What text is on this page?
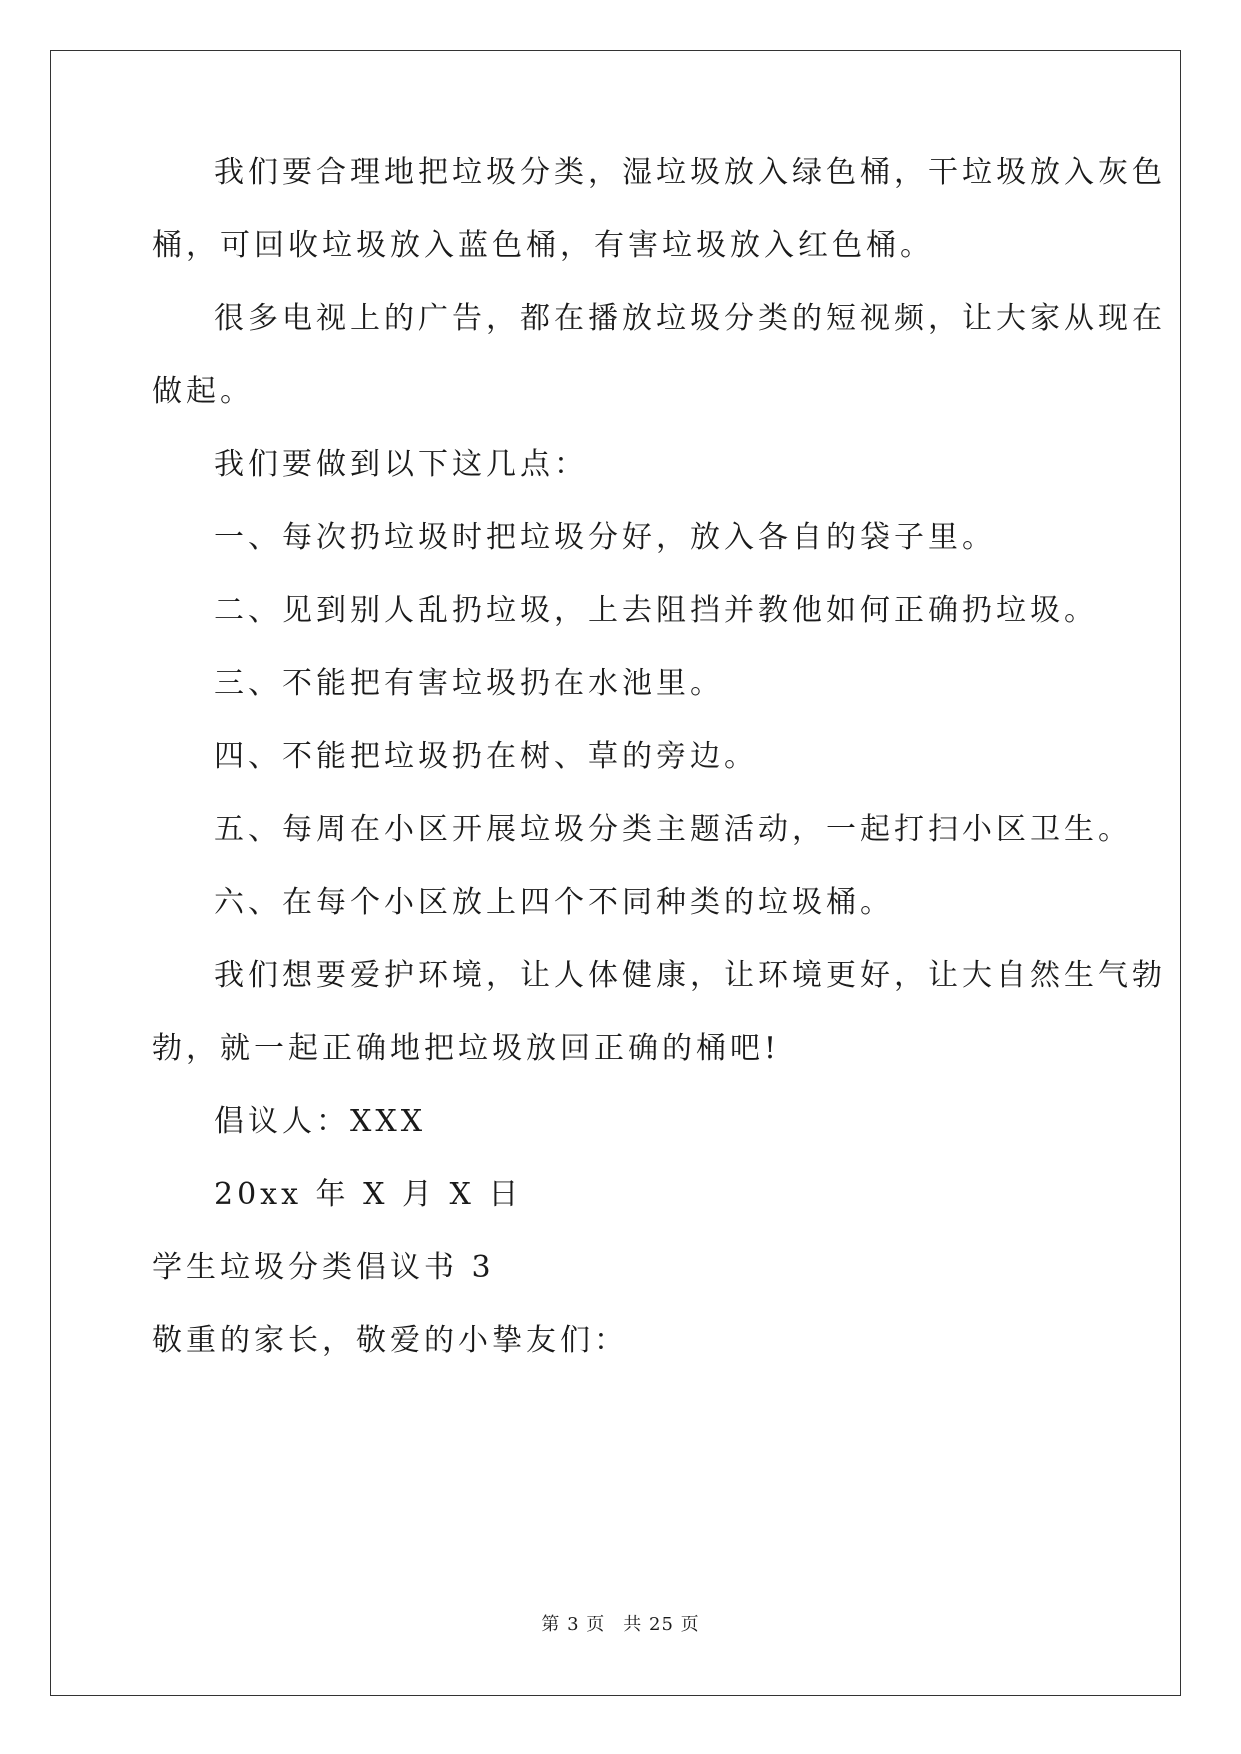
我们要合理地把垃圾分类，湿垃圾放入绿色桶，干垃圾放入灰色
桶，可回收垃圾放入蓝色桶，有害垃圾放入红色桶。
很多电视上的广告，都在播放垃圾分类的短视频，让大家从现在
做起。
我们要做到以下这几点：
一、每次扔垃圾时把垃圾分好，放入各自的袋子里。
二、见到别人乱扔垃圾，上去阻挡并教他如何正确扔垃圾。
三、不能把有害垃圾扔在水池里。
四、不能把垃圾扔在树、草的旁边。
五、每周在小区开展垃圾分类主题活动，一起打扫小区卫生。
六、在每个小区放上四个不同种类的垃圾桶。
我们想要爱护环境，让人体健康，让环境更好，让大自然生气勃
勃，就一起正确地把垃圾放回正确的桶吧!
倡议人：XXX
20xx 年 X 月 X 日
学生垃圾分类倡议书 3
敬重的家长，敬爱的小挚友们：
第 3 页 共 25 页
